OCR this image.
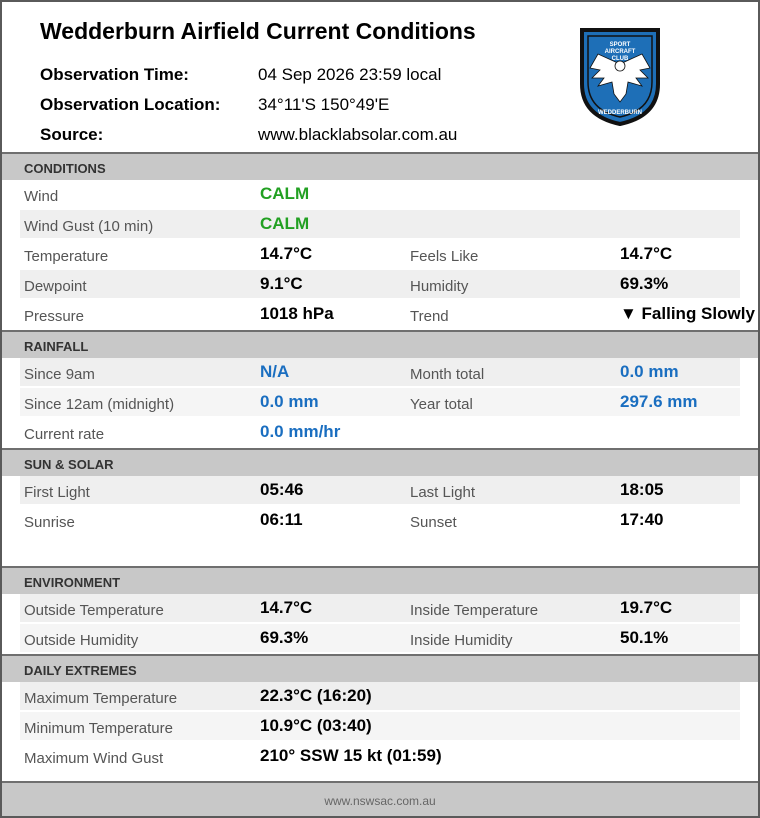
Wedderburn Airfield Current Conditions
Observation Time:	04 Sep 2026 23:59 local
Observation Location: 34°11'S 150°49'E
Source:	www.blacklabsolar.com.au
SPORT
AIRCRAFT
CLUB
WEDDERBURN
CONDITIONS
Wind	CALM
Wind Gust (10 min)	CALM
Temperature	14.7°C	Feels Like	14.7°C
Dewpoint	9.1°C	Humidity	69.3%
Pressure	1018 hPa	Trend	▼ Falling Slowly
RAINFALL
Since 9am	N/A	Month total	0.0 mm
Since 12am (midnight)	0.0 mm	Year total	297.6 mm
Current rate	0.0 mm/hr
SUN & SOLAR
First Light	05:46	Last Light	18:05
Sunrise	06:11	Sunset	17:40
ENVIRONMENT
Outside Temperature	14.7°C	Inside Temperature	19.7°C
Outside Humidity	69.3%	Inside Humidity	50.1%
DAILY EXTREMES
Maximum Temperature	22.3°C (16:20)
Minimum Temperature	10.9°C (03:40)
Maximum Wind Gust	210° SSW 15 kt (01:59)
www.nswsac.com.au
